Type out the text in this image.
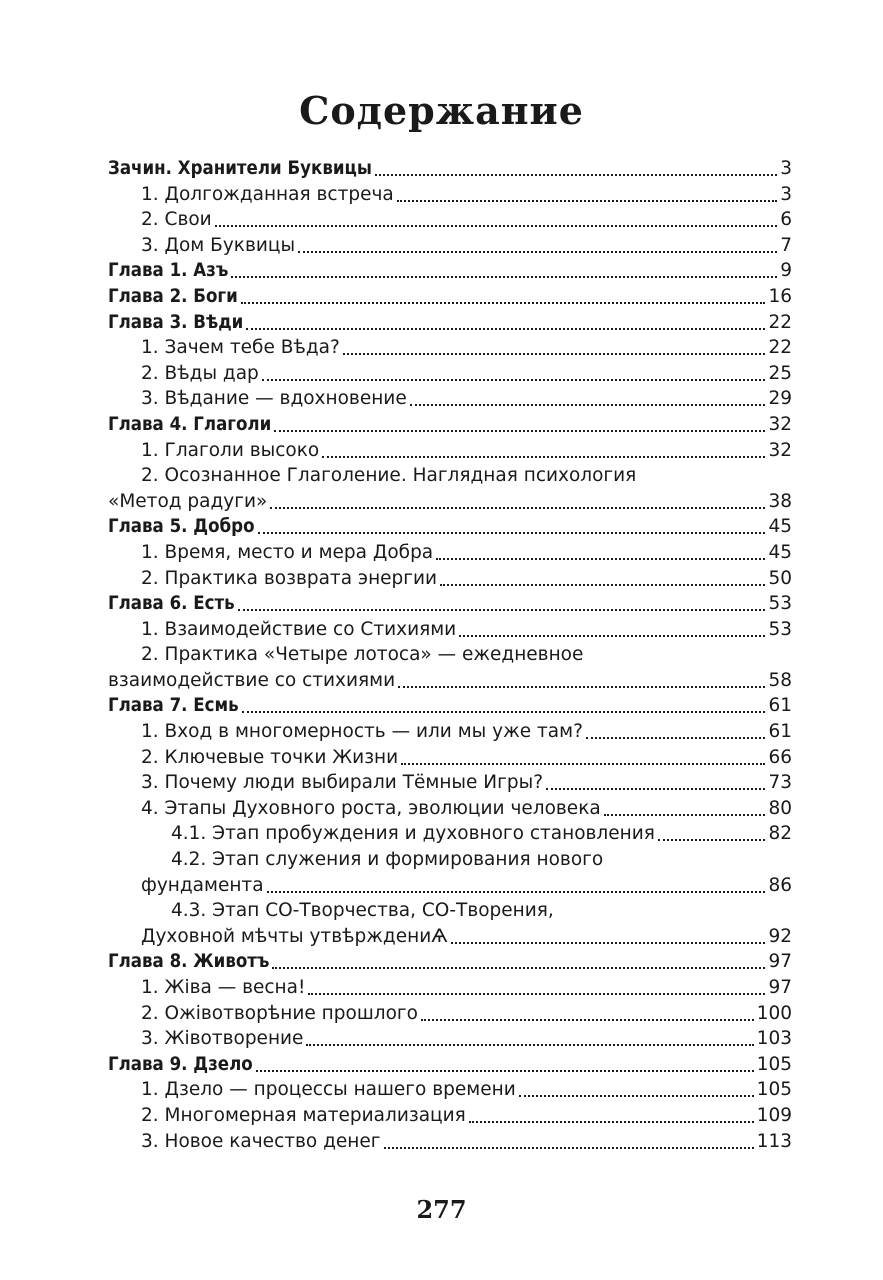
Содержание
Зачин. Хранители Буквицы	3
1. Долгожданная встреча	3
2. Свои	6
3. Дом Буквицы	7
Глава 1. Азъ	9
Глава 2. Боги	16
Глава 3. Вѣди	22
1. Зачем тебе Вѣда?	22
2. Вѣды дар	25
3. Вѣдание — вдохновение	29
Глава 4. Глаголи	32
1. Глаголи высоко	32
2. Осознанное Глаголение. Наглядная психология
«Метод радуги»	38
Глава 5. Добро	45
1. Время, место и мера Добра	45
2. Практика возврата энергии	50
Глава 6. Есть	53
1. Взаимодействие со Стихиями	53
2. Практика «Четыре лотоса» — ежедневное
взаимодействие со стихиями	58
Глава 7. Есмь	61
1. Вход в многомерность — или мы уже там?	61
2. Ключевые точки Жизни	66
3. Почему люди выбирали Тёмные Игры?	73
4. Этапы Духовного роста, эволюции человека	80
4.1. Этап пробуждения и духовного становления	82
4.2. Этап служения и формирования нового
фундамента	86
4.3. Этап СО-Творчества, СО-Творения,
Духовной мѣчты утвѣрждениѦ	92
Глава 8. Животъ	97
1. Жіва — весна!	97
2. Ожівотворѣние прошлого	100
3. Жівотворение	103
Глава 9. Дзело	105
1. Дзело — процессы нашего времени	105
2. Многомерная материализация	109
3. Новое качество денег	113
277
